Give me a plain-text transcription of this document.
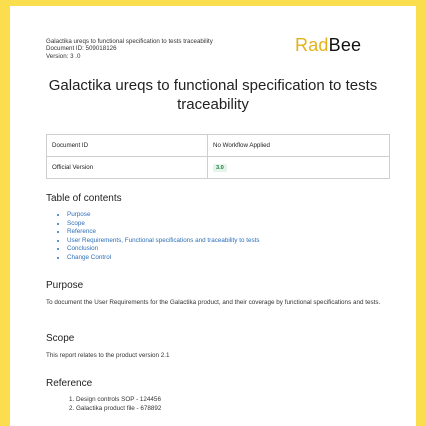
Galactika ureqs to functional specification to tests traceability
Document ID: 509018126
Version: 3 .0
RadBee
Galactika ureqs to functional specification to tests traceability
Document ID	No Workflow Applied
Official Version	3.0
Table of contents
• Purpose
• Scope
• Reference
• User Requirements, Functional specifications and traceability to tests
• Conclusion
• Change Control
Purpose

To document the User Requirements for the Galactika product, and their coverage by functional specifications and tests.

Scope

This report relates to the product version 2.1

Reference
1. Design controls SOP - 124456
2. Galactika product file - 678892
